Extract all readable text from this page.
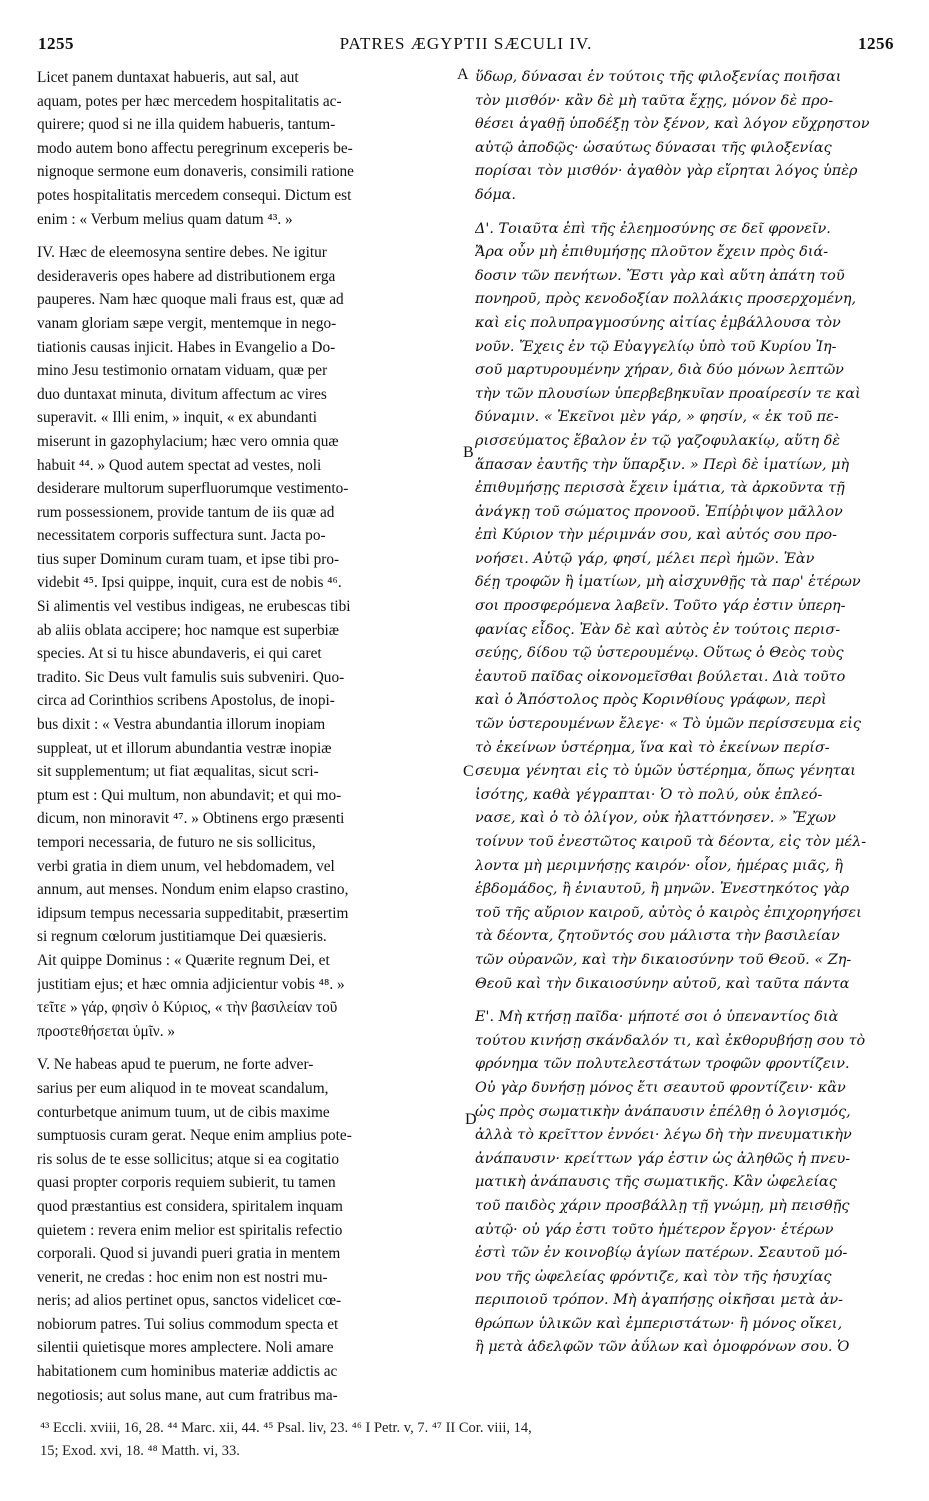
1255	PATRES ÆGYPTII SÆCULI IV.	1256
Licet panem duntaxat habueris, aut sal, aut
aquam, potes per hæc mercedem hospitalitatis ac-
quirere; quod si ne illa quidem habueris, tantum-
modo autem bono affectu peregrinum exceperis be-
nignoque sermone eum donaveris, consimili ratione
potes hospitalitatis mercedem consequi. Dictum est
enim : « Verbum melius quam datum ⁴³. »
IV. Hæc de eleemosyna sentire debes. Ne igitur
desideraveris opes habere ad distributionem erga
pauperes. Nam hæc quoque mali fraus est, quæ ad
vanam gloriam sæpe vergit, mentemque in nego-
tiationis causas injicit. Habes in Evangelio a Do-
mino Jesu testimonio ornatam viduam, quæ per
duo duntaxat minuta, divitum affectum ac vires
superavit. « Illi enim, » inquit, « ex abundanti
miserunt in gazophylacium; hæc vero omnia quæ
habuit ⁴⁴. » Quod autem spectat ad vestes, noli
desiderare multorum superfluorumque vestimento-
rum possessionem, provide tantum de iis quæ ad
necessitatem corporis suffectura sunt. Jacta po-
tius super Dominum curam tuam, et ipse tibi pro-
videbit ⁴⁵. Ipsi quippe, inquit, cura est de nobis ⁴⁶.
Si alimentis vel vestibus indigeas, ne erubescas tibi
ab aliis oblata accipere; hoc namque est superbiæ
species. At si tu hisce abundaveris, ei qui caret
tradito. Sic Deus vult famulis suis subveniri. Quo-
circa ad Corinthios scribens Apostolus, de inopi-
bus dixit : « Vestra abundantia illorum inopiam
suppleat, ut et illorum abundantia vestræ inopiæ
sit supplementum; ut fiat æqualitas, sicut scri-
ptum est : Qui multum, non abundavit; et qui mo-
dicum, non minoravit ⁴⁷. » Obtinens ergo præsenti
tempori necessaria, de futuro ne sis sollicitus,
verbi gratia in diem unum, vel hebdomadem, vel
annum, aut menses. Nondum enim elapso crastino,
idipsum tempus necessaria suppeditabit, præsertim
si regnum cœlorum justitiamque Dei quæsieris.
Ait quippe Dominus : « Quærite regnum Dei, et
justitiam ejus; et hæc omnia adjicientur vobis ⁴⁸. »
τεῖτε » γάρ, φησὶν ὁ Κύριος, « τὴν βασιλείαν τοῦ
προστεθήσεται ὑμῖν. »
V. Ne habeas apud te puerum, ne forte adver-
sarius per eum aliquod in te moveat scandalum,
conturbetque animum tuum, ut de cibis maxime
sumptuosis curam gerat. Neque enim amplius pote-
ris solus de te esse sollicitus; atque si ea cogitatio
quasi propter corporis requiem subierit, tu tamen
quod præstantius est considera, spiritalem inquam
quietem : revera enim melior est spiritalis refectio
corporali. Quod si juvandi pueri gratia in mentem
venerit, ne credas : hoc enim non est nostri mu-
neris; ad alios pertinet opus, sanctos videlicet cœ-
nobiorum patres. Tui solius commodum specta et
silentii quietisque mores amplectere. Noli amare
habitationem cum hominibus materiæ addictis ac
negotiosis; aut solus mane, aut cum fratribus ma-
ὕδωρ, δύνασαι ἐν τούτοις τῆς φιλοξενίας ποιῆσαι
τὸν μισθόν· κἂν δὲ μὴ ταῦτα ἔχῃς, μόνον δὲ προ-
θέσει ἀγαθῇ ὑποδέξῃ τὸν ξένον, καὶ λόγον εὔχρηστον
αὐτῷ ἀποδῷς· ὡσαύτως δύνασαι τῆς φιλοξενίας
πορίσαι τὸν μισθόν· ἀγαθὸν γὰρ εἴρηται λόγος ὑπὲρ
δόμα.
Δ'. Τοιαῦτα ἐπὶ τῆς ἐλεημοσύνης σε δεῖ φρονεῖν.
Ἄρα οὖν μὴ ἐπιθυμήσῃς πλοῦτον ἔχειν πρὸς διά-
δοσιν τῶν πενήτων. Ἔστι γὰρ καὶ αὕτη ἀπάτη τοῦ
πονηροῦ, πρὸς κενοδοξίαν πολλάκις προσερχομένη,
καὶ εἰς πολυπραγμοσύνης αἰτίας ἐμβάλλουσα τὸν
νοῦν. Ἔχεις ἐν τῷ Εὐαγγελίῳ ὑπὸ τοῦ Κυρίου Ἰη-
σοῦ μαρτυρουμένην χήραν, διὰ δύο μόνων λεπτῶν
τὴν τῶν πλουσίων ὑπερβεβηκυῖαν προαίρεσίν τε καὶ
δύναμιν. « Ἐκεῖνοι μὲν γάρ, » φησίν, « ἐκ τοῦ πε-
ρισσεύματος ἔβαλον ἐν τῷ γαζοφυλακίῳ, αὕτη δὲ
ἅπασαν ἑαυτῆς τὴν ὕπαρξιν. » Περὶ δὲ ἱματίων, μὴ
ἐπιθυμήσῃς περισσὰ ἔχειν ἱμάτια, τὰ ἀρκοῦντα τῇ
ἀνάγκῃ τοῦ σώματος προνοοῦ. Ἐπίῤῥιψον μᾶλλον
ἐπὶ Κύριον τὴν μέριμνάν σου, καὶ αὐτός σου προ-
νοήσει. Αὐτῷ γάρ, φησί, μέλει περὶ ἡμῶν. Ἐὰν
δέῃ τροφῶν ἢ ἱματίων, μὴ αἰσχυνθῇς τὰ παρ' ἑτέρων
σοι προσφερόμενα λαβεῖν. Τοῦτο γάρ ἐστιν ὑπερη-
φανίας εἶδος. Ἐὰν δὲ καὶ αὐτὸς ἐν τούτοις περισ-
σεύῃς, δίδου τῷ ὑστερουμένῳ. Οὕτως ὁ Θεὸς τοὺς
ἑαυτοῦ παῖδας οἰκονομεῖσθαι βούλεται. Διὰ τοῦτο
καὶ ὁ Ἀπόστολος πρὸς Κορινθίους γράφων, περὶ
τῶν ὑστερουμένων ἔλεγε· « Τὸ ὑμῶν περίσσευμα εἰς
τὸ ἐκείνων ὑστέρημα, ἵνα καὶ τὸ ἐκείνων περίσ-
σευμα γένηται εἰς τὸ ὑμῶν ὑστέρημα, ὅπως γένηται
ἰσότης, καθὰ γέγραπται· Ὁ τὸ πολύ, οὐκ ἐπλεό-
νασε, καὶ ὁ τὸ ὀλίγον, οὐκ ἠλαττόνησεν. » Ἔχων
τοίνυν τοῦ ἐνεστῶτος καιροῦ τὰ δέοντα, εἰς τὸν μέλ-
λοντα μὴ μεριμνήσῃς καιρόν· οἷον, ἡμέρας μιᾶς, ἢ
ἑβδομάδος, ἢ ἐνιαυτοῦ, ἢ μηνῶν. Ἐνεστηκότος γὰρ
τοῦ τῆς αὔριον καιροῦ, αὐτὸς ὁ καιρὸς ἐπιχορηγήσει
τὰ δέοντα, ζητοῦντός σου μάλιστα τὴν βασιλείαν
τῶν οὐρανῶν, καὶ τὴν δικαιοσύνην τοῦ Θεοῦ. « Ζη-
Θεοῦ καὶ τὴν δικαιοσύνην αὐτοῦ, καὶ ταῦτα πάντα
Ε'. Μὴ κτήσῃ παῖδα· μήποτέ σοι ὁ ὑπεναντίος διὰ
τούτου κινήσῃ σκάνδαλόν τι, καὶ ἐκθορυβήσῃ σου τὸ
φρόνημα τῶν πολυτελεστάτων τροφῶν φροντίζειν.
Οὐ γὰρ δυνήσῃ μόνος ἔτι σεαυτοῦ φροντίζειν· κἂν
ὡς πρὸς σωματικὴν ἀνάπαυσιν ἐπέλθῃ ὁ λογισμός,
ἀλλὰ τὸ κρεῖττον ἐννόει· λέγω δὴ τὴν πνευματικὴν
ἀνάπαυσιν· κρείττων γάρ ἐστιν ὡς ἀληθῶς ἡ πνευ-
ματικὴ ἀνάπαυσις τῆς σωματικῆς. Κἂν ὠφελείας
τοῦ παιδὸς χάριν προσβάλλῃ τῇ γνώμῃ, μὴ πεισθῇς
αὐτῷ· οὐ γάρ ἐστι τοῦτο ἡμέτερον ἔργον· ἑτέρων
ἐστὶ τῶν ἐν κοινοβίῳ ἁγίων πατέρων. Σεαυτοῦ μό-
νου τῆς ὠφελείας φρόντιζε, καὶ τὸν τῆς ἡσυχίας
περιποιοῦ τρόπον. Μὴ ἀγαπήσῃς οἰκῆσαι μετὰ ἀν-
θρώπων ὑλικῶν καὶ ἐμπεριστάτων· ἢ μόνος οἴκει,
ἢ μετὰ ἀδελφῶν τῶν ἀΰλων καὶ ὁμοφρόνων σου. Ὁ
A
B
C
D
⁴³ Eccli. xviii, 16, 28. ⁴⁴ Marc. xii, 44. ⁴⁵ Psal. liv, 23. ⁴⁶ I Petr. v, 7. ⁴⁷ II Cor. viii, 14,
15; Exod. xvi, 18. ⁴⁸ Matth. vi, 33.
